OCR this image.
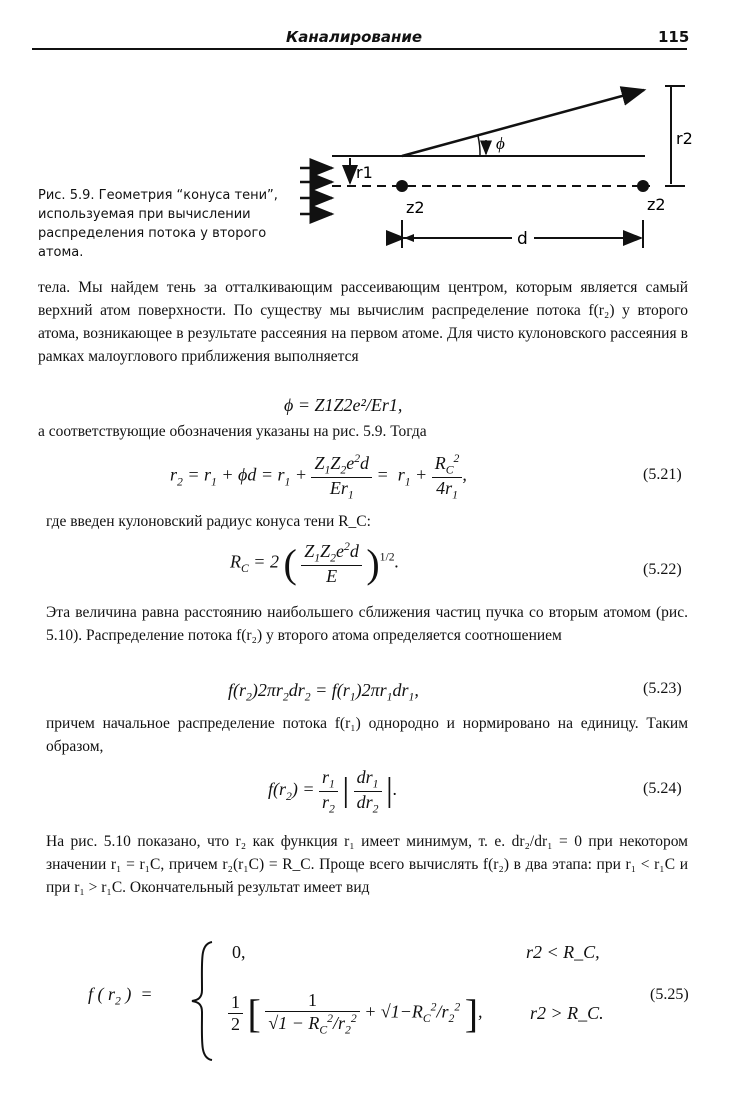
Каналирование	115
ϕ
r1
r2
z2	z2
d
Рис. 5.9. Геометрия “конуса тени”, используемая при вычислении распределения потока у второго атома.
тела. Мы найдем тень за отталкивающим рассеивающим центром, которым является самый верхний атом поверхности. По существу мы вычислим распределение потока f(r₂) у второго атома, возникающее в результате рассеяния на первом атоме. Для чисто кулоновского рассеяния в рамках малоуглового приближения выполняется
ϕ = Z1Z2e²/Er1,
а соответствующие обозначения указаны на рис. 5.9. Тогда
$r_2 = r_1 + \phi d = r_1 + \frac{Z_1Z_2e^2d}{Er_1} = r_1 + \frac{R_C^2}{4r_1}$ ,	(5.21)
где введен кулоновский радиус конуса тени R_C:
$R_C = 2$ ( $\frac{Z_1Z_2e^2d}{E} )^{1/2}$.	(5.22)
Эта величина равна расстоянию наибольшего сближения частиц пучка со вторым атомом (рис. 5.10). Распределение потока f(r₂) у второго атома определяется соотношением
$f(r_2)2\pi r_2dr_2 = f(r_1)2\pi r_1dr_1$,	(5.23)
причем начальное распределение потока f(r₁) однородно и нормировано на единицу. Таким образом,
$f(r_2) = \frac{r_1}{r_2}$ | $\frac{dr_1}{dr_2}$ |.	(5.24)
На рис. 5.10 показано, что r₂ как функция r₁ имеет минимум, т. е. dr₂/dr₁ = 0 при некотором значении r₁ = r₁C, причем r₂(r₁C) = R_C. Проще всего вычислять f(r₂) в два этапа: при r₁ < r₁C и при r₁ > r₁C. Окончательный результат имеет вид
f ( $r_2$ )  =
0,	r2 < R_C,
$\frac{1}{2}$ [ $\frac{1}{√1 - R_C^2/r_2^2} + √1-R_C^2/r_2^2$ ],	r2 > R_C.
(5.25)
